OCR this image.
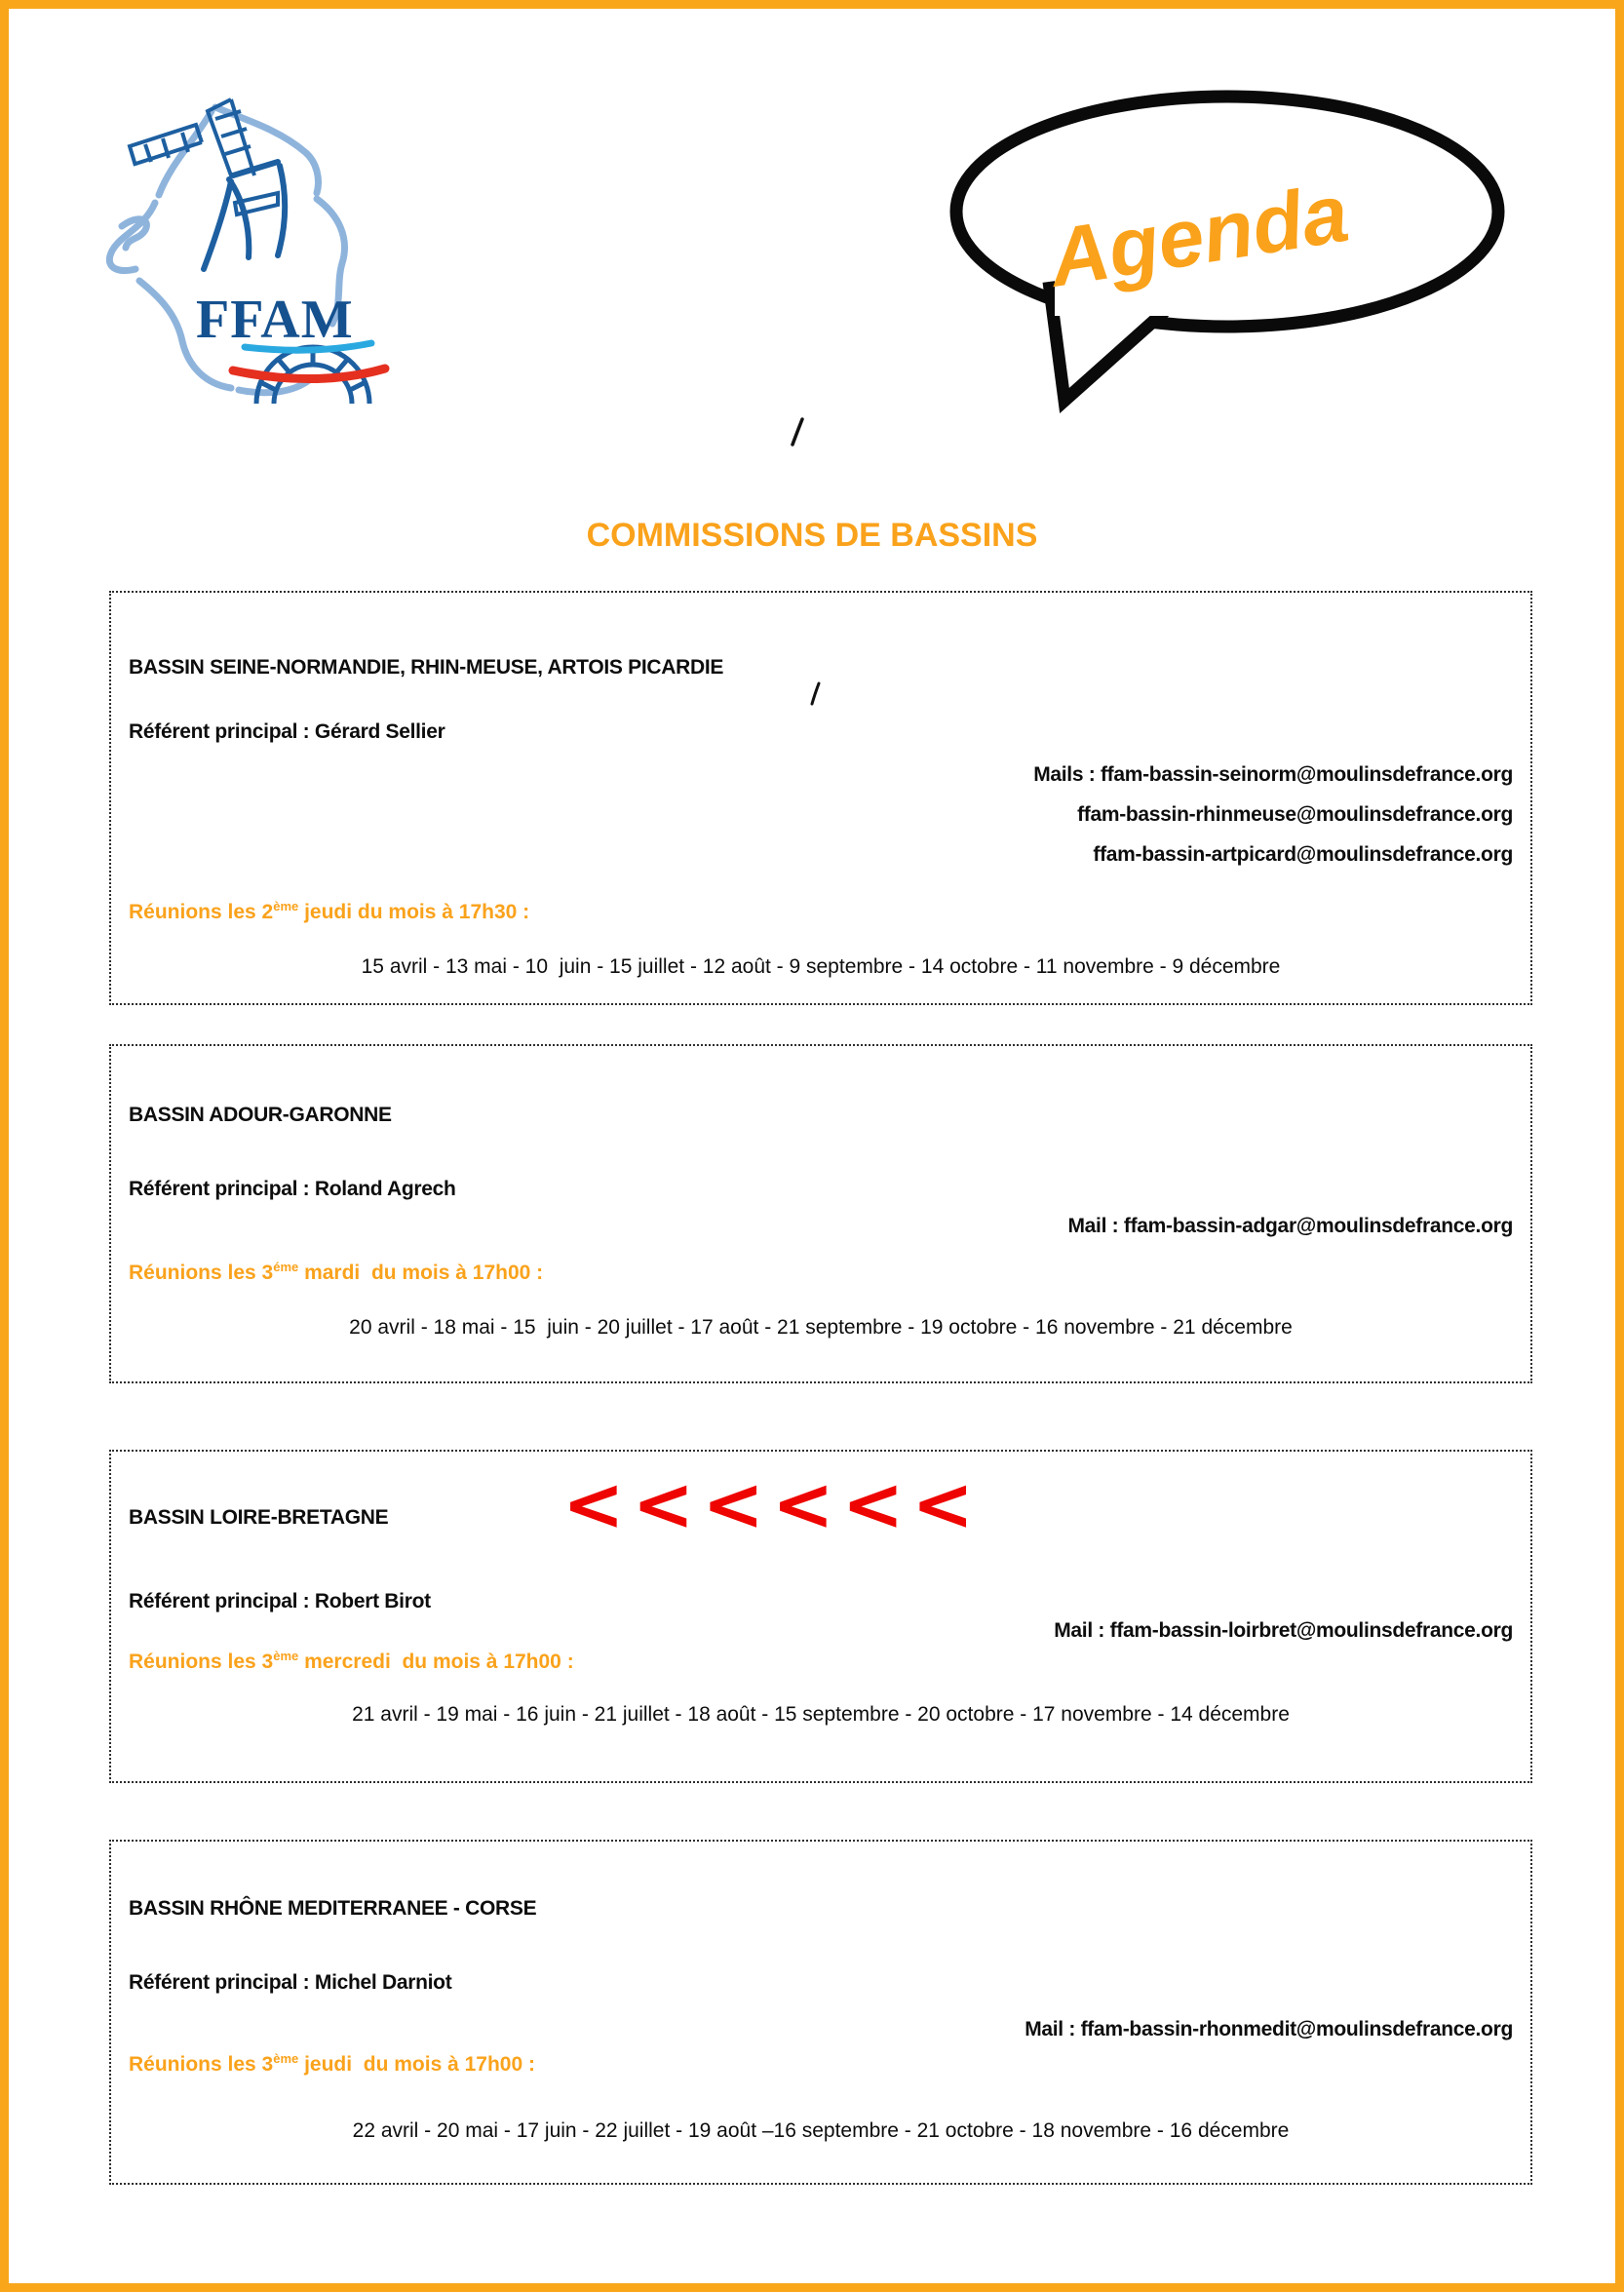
FFAM
Agenda
COMMISSIONS DE BASSINS
BASSIN SEINE-NORMANDIE, RHIN-MEUSE, ARTOIS PICARDIE
Référent principal : Gérard Sellier
Mails : ffam-bassin-seinorm@moulinsdefrance.org
ffam-bassin-rhinmeuse@moulinsdefrance.org
ffam-bassin-artpicard@moulinsdefrance.org
Réunions les 2ème jeudi du mois à 17h30 :
15 avril - 13 mai - 10  juin - 15 juillet - 12 août - 9 septembre - 14 octobre - 11 novembre - 9 décembre
BASSIN ADOUR-GARONNE
Référent principal : Roland Agrech
Mail : ffam-bassin-adgar@moulinsdefrance.org
Réunions les $3^{éme}$ mardi  du mois à 17h00 :
20 avril - 18 mai - 15  juin - 20 juillet - 17 août - 21 septembre - 19 octobre - 16 novembre - 21 décembre
BASSIN LOIRE-BRETAGNE
Référent principal : Robert Birot
Mail : ffam-bassin-loirbret@moulinsdefrance.org
Réunions les 3ème mercredi  du mois à 17h00 :
21 avril - 19 mai - 16 juin - 21 juillet - 18 août - 15 septembre - 20 octobre - 17 novembre - 14 décembre
<<<<<<
BASSIN RHÔNE MEDITERRANEE - CORSE
Référent principal : Michel Darniot
Mail : ffam-bassin-rhonmedit@moulinsdefrance.org
Réunions les 3ème jeudi  du mois à 17h00 :
22 avril - 20 mai - 17 juin - 22 juillet - 19 août –16 septembre - 21 octobre - 18 novembre - 16 décembre
